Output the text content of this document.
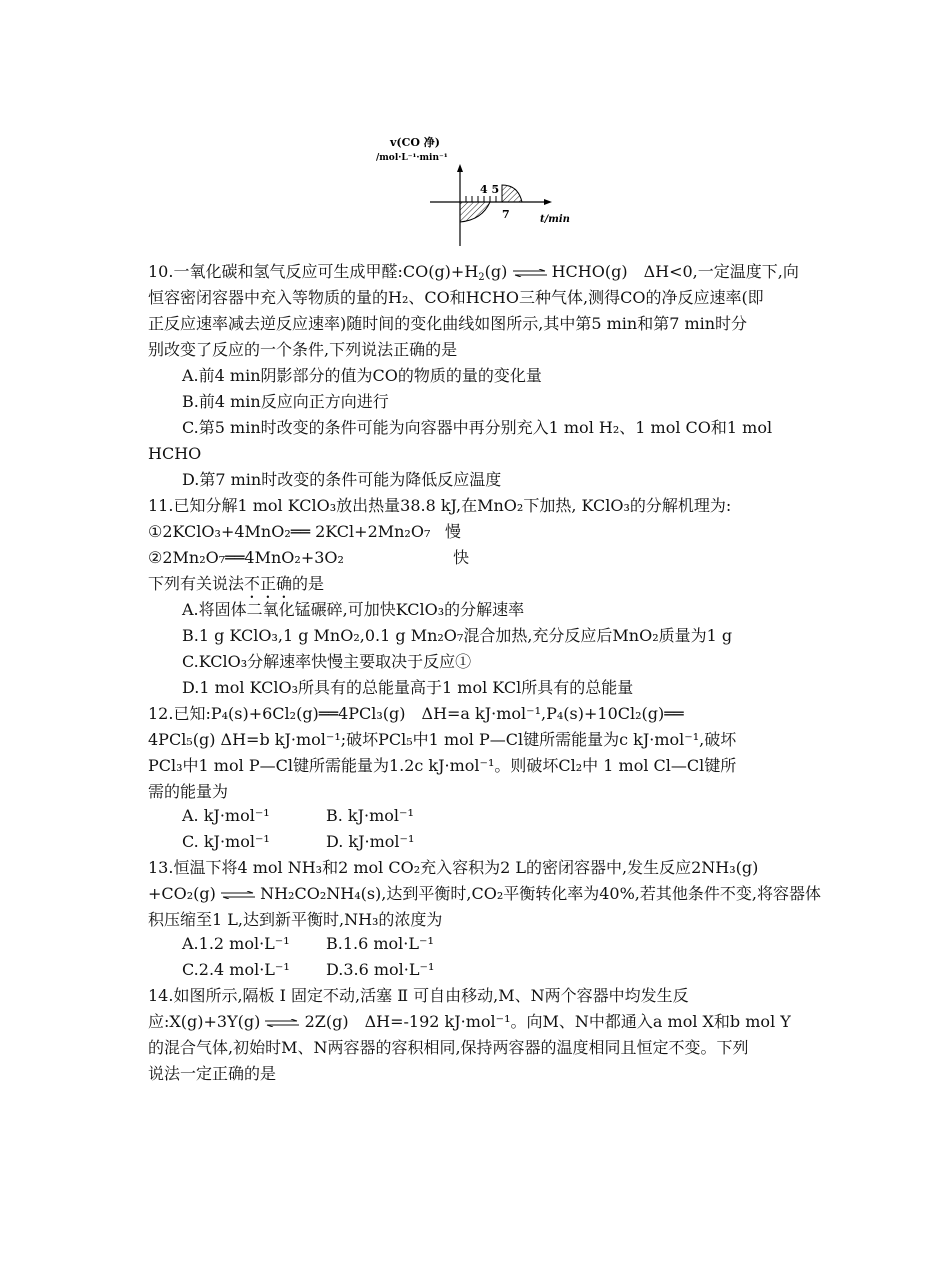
v(CO 净)
/mol·L⁻¹·min⁻¹
4 5
7	t/min
10.一氧化碳和氢气反应可生成甲醛$:CO(g)+H_2(g)$ ⇌ HCHO(g)　ΔH<0,一定温度下,向
恒容密闭容器中充入等物质的量的H₂、CO和HCHO三种气体,测得CO的净反应速率(即
正反应速率减去逆反应速率)随时间的变化曲线如图所示,其中第5 min和第7 min时分
别改变了反应的一个条件,下列说法正确的是
A.前4 min阴影部分的值为CO的物质的量的变化量
B.前4 min反应向正方向进行
C.第5 min时改变的条件可能为向容器中再分别充入1 mol H₂、1 mol CO和1 mol
HCHO
D.第7 min时改变的条件可能为降低反应温度
11.已知分解1 mol KClO₃放出热量38.8 kJ,在MnO₂下加热, KClO₃的分解机理为:
①2KClO₃+4MnO₂══ 2KCl+2Mn₂O₇ 慢
②2Mn₂O₇══4MnO₂+3O₂	快
下列有关说法不正确的是
A.将固体二氧化锰碾碎,可加快KClO₃的分解速率
B.1 g KClO₃,1 g MnO₂,0.1 g Mn₂O₇混合加热,充分反应后MnO₂质量为1 g
C.KClO₃分解速率快慢主要取决于反应①
D.1 mol KClO₃所具有的总能量高于1 mol KCl所具有的总能量
12.已知:P₄(s)+6Cl₂(g)══4PCl₃(g)　ΔH=a kJ·mol⁻¹,P₄(s)+10Cl₂(g)══
4PCl₅(g) ΔH=b kJ·mol⁻¹;破坏PCl₅中1 mol P—Cl键所需能量为c kJ·mol⁻¹,破坏
PCl₃中1 mol P—Cl键所需能量为1.2c kJ·mol⁻¹。则破坏Cl₂中 1 mol Cl—Cl键所
需的能量为
A. kJ·mol⁻¹	B. kJ·mol⁻¹
C. kJ·mol⁻¹	D. kJ·mol⁻¹
13.恒温下将4 mol NH₃和2 mol CO₂充入容积为2 L的密闭容器中,发生反应2NH₃(g)
+CO₂(g) ⇌ NH₂CO₂NH₄(s),达到平衡时,CO₂平衡转化率为40%,若其他条件不变,将容器体
积压缩至1 L,达到新平衡时,NH₃的浓度为
A.1.2 mol·L⁻¹ B.1.6 mol·L⁻¹
C.2.4 mol·L⁻¹ D.3.6 mol·L⁻¹
14.如图所示,隔板 Ⅰ 固定不动,活塞 Ⅱ 可自由移动,M、N两个容器中均发生反
应:X(g)+3Y(g) ⇌ 2Z(g)　ΔH=-192 kJ·mol⁻¹。向M、N中都通入a mol X和b mol Y
的混合气体,初始时M、N两容器的容积相同,保持两容器的温度相同且恒定不变。下列
说法一定正确的是
